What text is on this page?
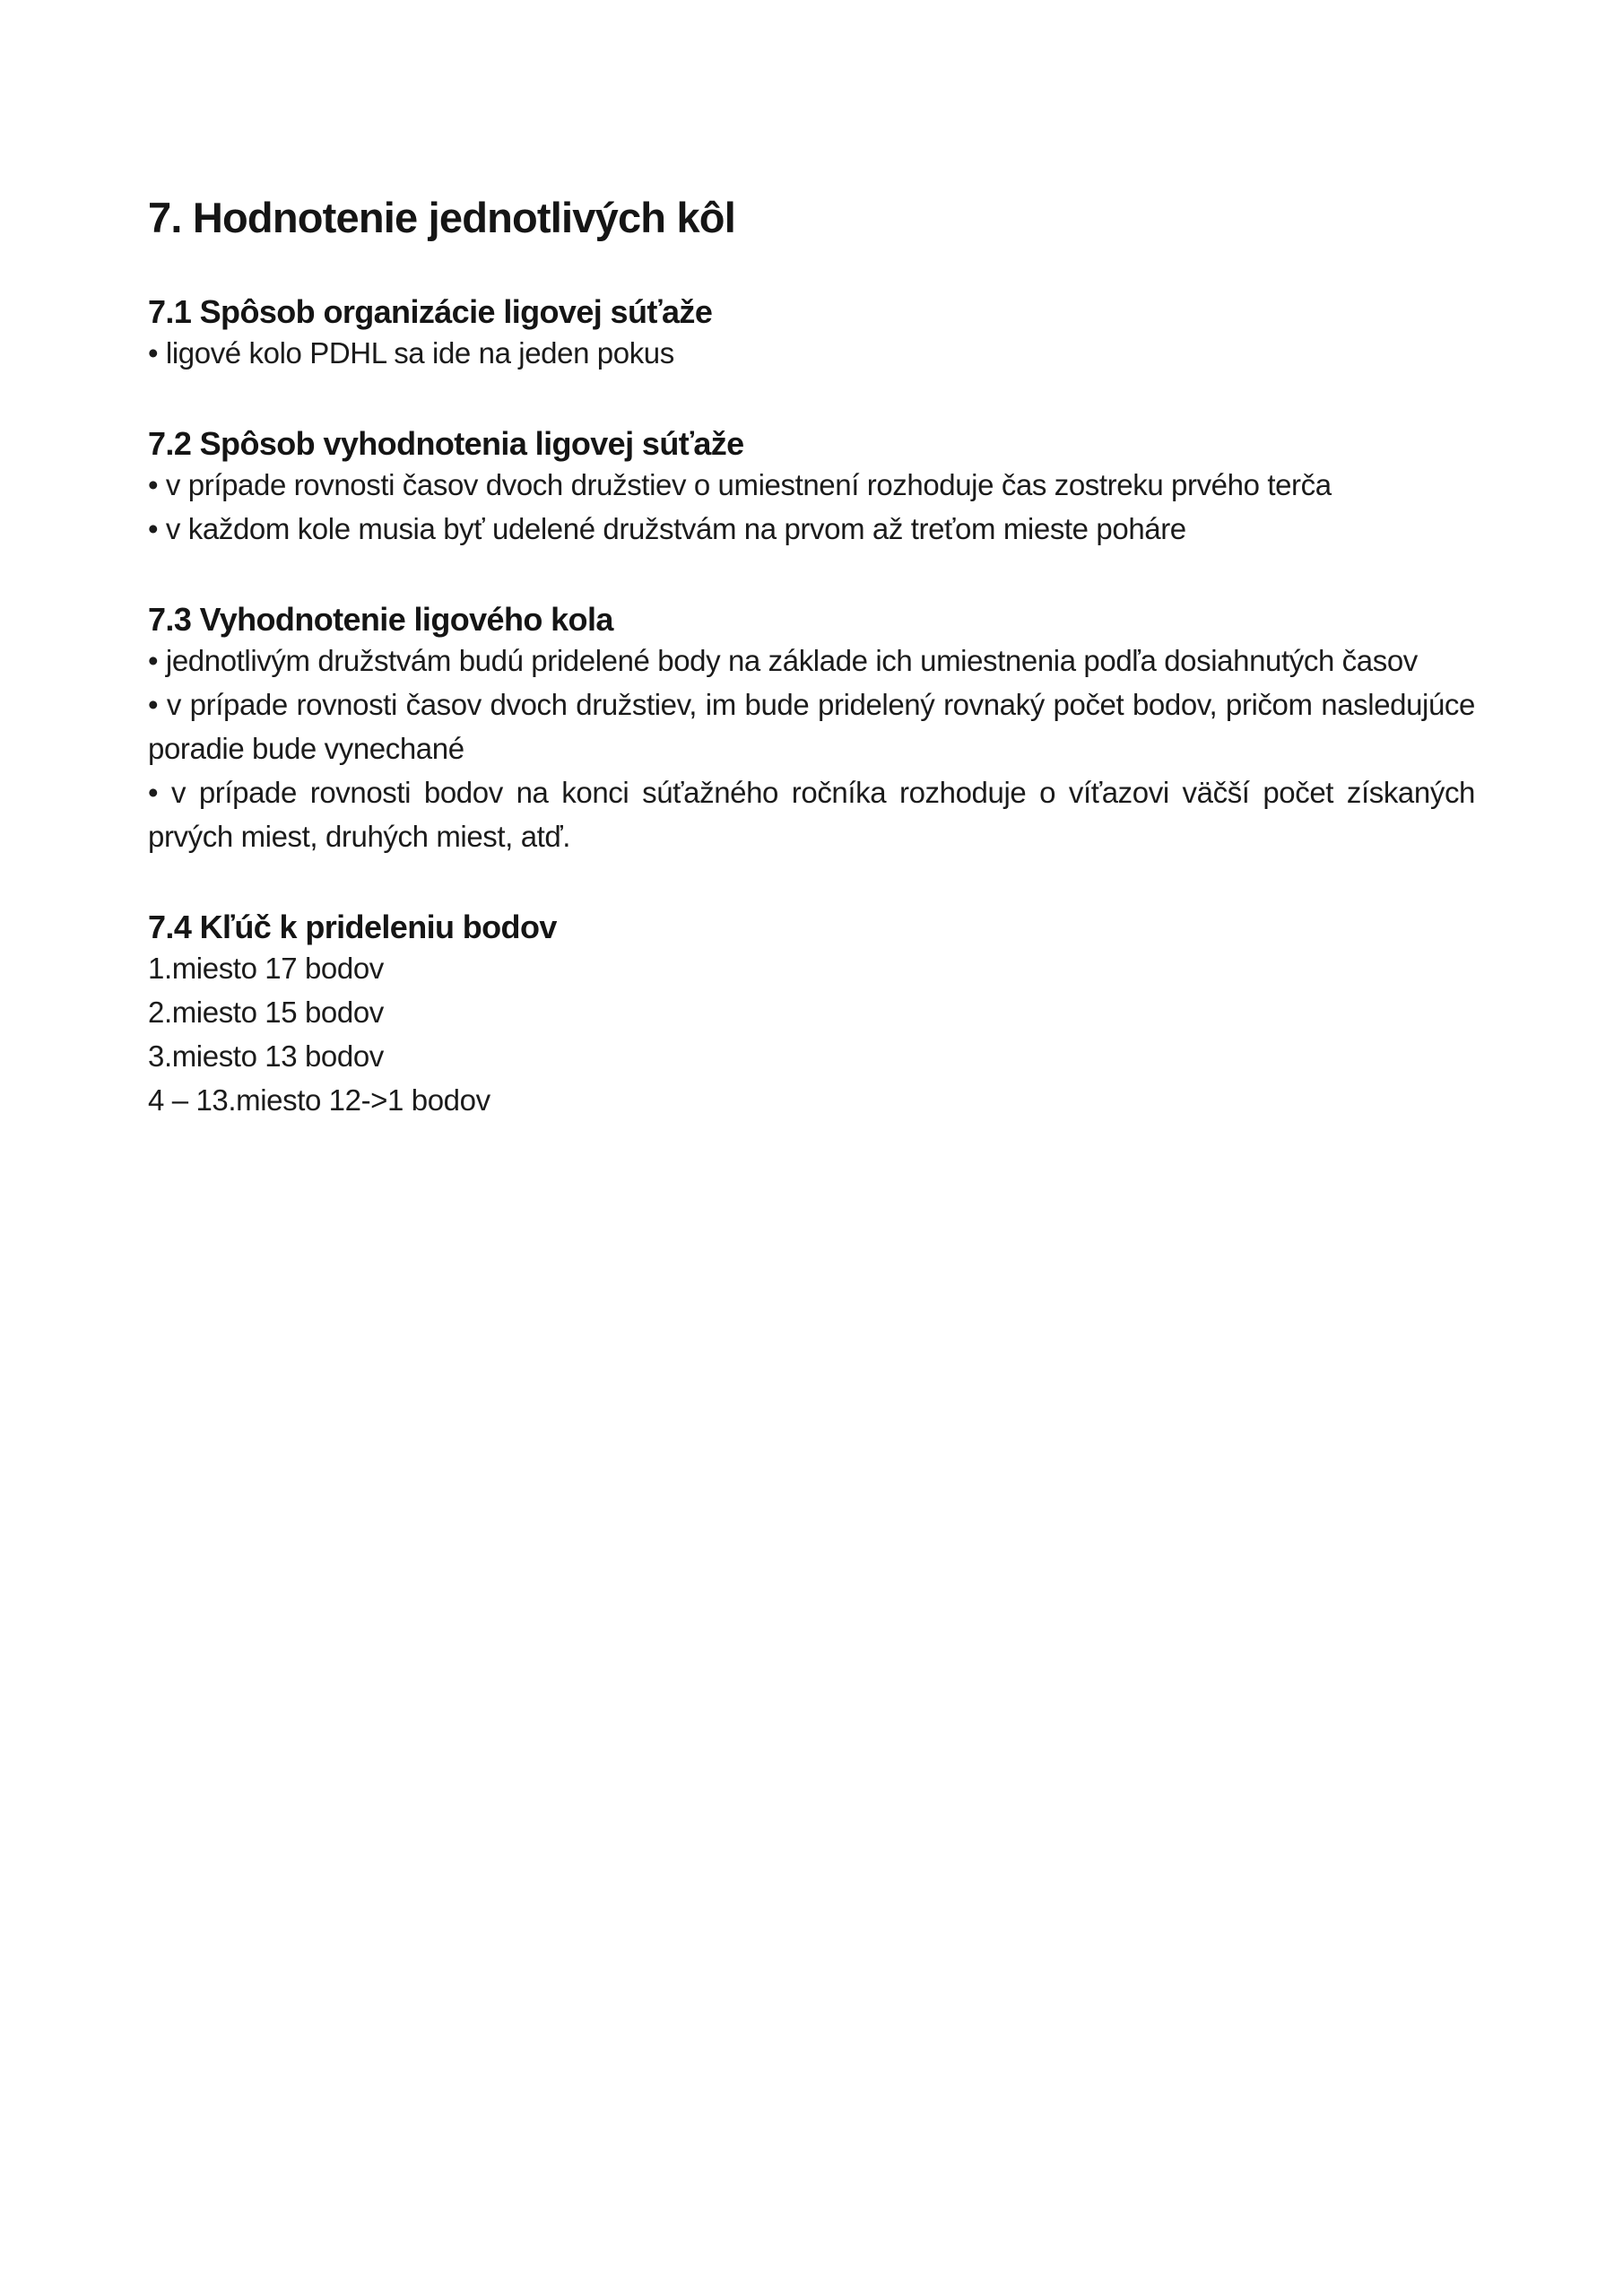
7. Hodnotenie jednotlivých kôl
7.1 Spôsob organizácie ligovej súťaže

• ligové kolo PDHL sa ide na jeden pokus

7.2 Spôsob vyhodnotenia ligovej súťaže

• v prípade rovnosti časov dvoch družstiev o umiestnení rozhoduje čas zostreku prvého terča

• v každom kole musia byť udelené družstvám na prvom až treťom mieste poháre

7.3 Vyhodnotenie ligového kola

• jednotlivým družstvám budú pridelené body na základe ich umiestnenia podľa dosiahnutých časov

• v prípade rovnosti časov dvoch družstiev, im bude pridelený rovnaký počet bodov, pričom nasledujúce poradie bude vynechané

• v prípade rovnosti bodov na konci súťažného ročníka rozhoduje o víťazovi väčší počet získaných prvých miest, druhých miest, atď.

7.4 Kľúč k prideleniu bodov

1.miesto 17 bodov

2.miesto 15 bodov

3.miesto 13 bodov

4 – 13.miesto 12->1 bodov
